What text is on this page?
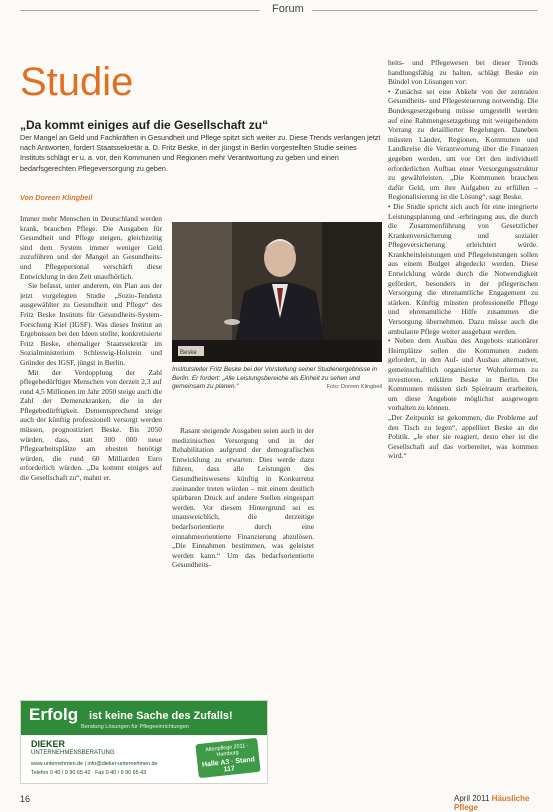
Forum
Studie
„Da kommt einiges auf die Gesellschaft zu“
Der Mangel an Geld und Fachkräften in Gesundheit und Pflege spitzt sich weiter zu. Diese Trends verlangen jetzt nach Antworten, fordert Staatssekretär a. D. Fritz Beske, in der jüngst in Berlin vorgestellten Studie seines Instituts schlägt er u. a. vor, den Kommunen und Regionen mehr Verantwortung zu geben und einen bedarfsgerechten Pflegeversorgung zu geben.
Von Doreen Klingbeil

Immer mehr Menschen in Deutschland werden krank, brauchen Pflege. Die Ausgaben für Gesundheit und Pflege steigen, gleichzeitig sind dem System immer weniger Geld zuzuführen und der Mangel an Gesundheits- und Pflegepersonal verschärft diese Entwicklung in den Zeit unaufhörlich.

Sie befasst, unter anderem, ein Plan aus der jetzt vorgelegten Studie „Sozio-Tendenz ausgewählter zu Gesundheit und Pflege“ des Fritz Beske Instituts für Gesundheits-System-Forschung Kiel (IGSF). Was dieses Institut an Ergebnissen bei den Ideen stellte, konkretisierte Fritz Beske, ehemaliger Staatssekretär im Sozialministerium Schleswig-Holstein und Gründer des IGSF, jüngst in Berlin.

Mit der Verdopplung der Zahl pflegebedürftiger Menschen von derzeit 2,3 auf rund 4,5 Millionen im Jahr 2050 steige auch die Zahl der Demenzkranken, die in der Pflegebedürftigkeit. Dementsprechend steige auch der künftig professionell versorgt werden müssen, prognostiziert Beske. Bis 2050 würden, dass, statt 300 000 neue Pflegearbeitsplätze am ehesten benötigt würden, die rund 60 Milliarden Euro erforderlich würden. „Da kommt einiges auf die Gesellschaft zu“, mahnt er.

Beske
Institutsleiter Fritz Beske bei der Vorstellung seiner Studienergebnisse in Berlin. Er fordert: „Alle Leistungsbereiche als Einheit zu sehen und gemeinsam zu planen.“	Foto: Doreen Klingbeil

Rasant steigende Ausgaben seien auch in der medizinischen Versorgung und in der Rehabilitation aufgrund der demografischen Entwicklung zu erwarten. Dies werde dazu führen, dass alle Leistungen des Gesundheitswesens künftig in Konkurrenz zueinander treten würden – mit einem deutlich spürbaren Druck auf andere Stellen eingespart werden. Vor diesem Hintergrund sei es unausweichlich, die derzeitige bedarfsorientierte durch eine einnahmeorientierte Finanzierung abzulösen. „Die Einnahmen bestimmen, was geleistet werden kann.“ Um das bedarfsorientierte Gesundheits-

heits- und Pflegewesen bei dieser Trends handlungsfähig zu halten, schlägt Beske ein Bündel von Lösungen vor:

• Zunächst sei eine Abkehr von der zentralen Gesundheits- und Pflegesteuerung notwendig. Die Bundesgesetzgebung müsse umgestellt werden auf eine Rahmengesetzgebung mit weitgehendem Vorrang zu detaillierter Regelungen. Daneben müssten Länder, Regionen, Kommunen und Landkreise die Verantwortung über die Finanzen gegeben werden, um vor Ort den individuell erforderlichen Aufbau einer Versorgungsstruktur zu gewährleisten. „Die Kommunen brauchen dafür Geld, um ihre Aufgaben zu erfüllen – Regionalisierung ist die Lösung“, sagt Beske.

• Die Studie spricht sich auch für eine integrierte Leistungsplanung und -erbringung aus, die durch die Zusammenführung von Gesetzlicher Krankenversicherung und sozialer Pflegeversicherung erleichtert würde. Krankheitsleistungen und Pflegeleistungen sollen aus einem Budget abgedeckt werden. Diese Entwicklung würde durch die Notwendigkeit gefördert, besonders in der pflegerischen Versorgung die ehrenamtliche Engagement zu stärken. Künftig müssten professionelle Pflege und ehrenamtliche Hilfe zusammen die Versorgung übernehmen. Dazu müsse auch die ambulante Pflege weiter ausgebaut werden.

• Neben dem Ausbau des Angebots stationärer Heimplätze sollen die Kommunen zudem gefordert, in den Auf- und Ausbau alternativer, gemeinschaftlich organisierter Wohnformen zu investieren, erklärte Beske in Berlin. Die Kommunen müssten sich Spielraum erarbeiten, um diese Angebote möglichst ausgewogen vorhalten zu können.

„Der Zeitpunkt ist gekommen, die Probleme auf den Tisch zu legen“, appelliert Beske an die Politik. „Je eher sie reagiert, desto eher ist die Gesellschaft auf das vorbereitet, was kommen wird.“

Erfolg ist keine Sache des Zufalls!
Beratung Lösungen für Pflegeeinrichtungen
DIEKER
UNTERNEHMENSBERATUNG
www.unternehmen.de | info@dieker-unternehmen.de
Telefon 0 40 / 9 90 65 42 · Fax 0 40 / 9 90 65 43
Altenpflege 2011 · Hamburg
Halle A3 · Stand 117
16	April 2011 Häusliche Pflege
